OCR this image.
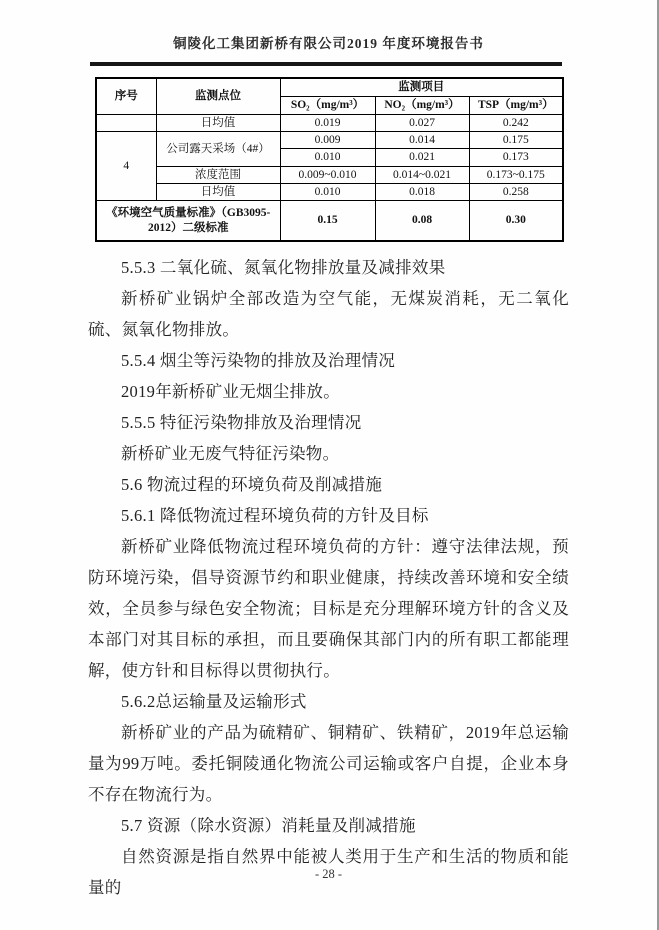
铜陵化工集团新桥有限公司2019 年度环境报告书
序号	监测点位	监测项目		
		SO₂（mg/m³）	NO₂（mg/m³）	TSP（mg/m³）
	日均值	0.019	0.027	0.242
4	公司露天采场（4#）	0.009	0.014	0.175
		0.010	0.021	0.173
	浓度范围	0.009~0.010	0.014~0.021	0.173~0.175
	日均值	0.010	0.018	0.258
《环境空气质量标准》（GB3095-2012）二级标准		0.15	0.08	0.30

5.5.3 二氧化硫、氮氧化物排放量及减排效果

新桥矿业锅炉全部改造为空气能，无煤炭消耗，无二氧化硫、氮氧化物排放。

5.5.4 烟尘等污染物的排放及治理情况

2019年新桥矿业无烟尘排放。

5.5.5 特征污染物排放及治理情况

新桥矿业无废气特征污染物。

5.6 物流过程的环境负荷及削减措施

5.6.1 降低物流过程环境负荷的方针及目标

新桥矿业降低物流过程环境负荷的方针：遵守法律法规，预防环境污染，倡导资源节约和职业健康，持续改善环境和安全绩效，全员参与绿色安全物流；目标是充分理解环境方针的含义及本部门对其目标的承担，而且要确保其部门内的所有职工都能理解，使方针和目标得以贯彻执行。

5.6.2总运输量及运输形式

新桥矿业的产品为硫精矿、铜精矿、铁精矿，2019年总运输量为99万吨。委托铜陵通化物流公司运输或客户自提，企业本身不存在物流行为。

5.7 资源（除水资源）消耗量及削减措施

自然资源是指自然界中能被人类用于生产和生活的物质和能量的

- 28 -
